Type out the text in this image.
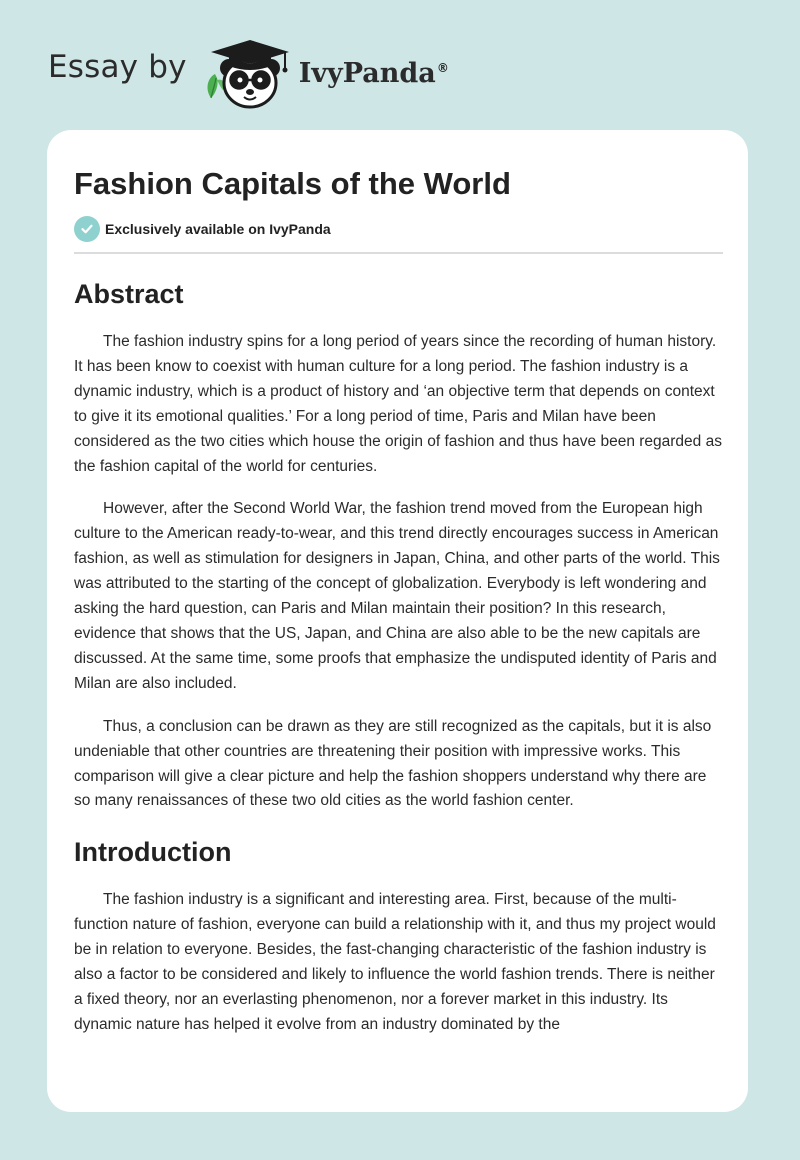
Essay by	IvyPanda®
Fashion Capitals of the World
Exclusively available on IvyPanda
Abstract

The fashion industry spins for a long period of years since the recording of human history. It has been know to coexist with human culture for a long period. The fashion industry is a dynamic industry, which is a product of history and ‘an objective term that depends on context to give it its emotional qualities.’ For a long period of time, Paris and Milan have been considered as the two cities which house the origin of fashion and thus have been regarded as the fashion capital of the world for centuries.

However, after the Second World War, the fashion trend moved from the European high culture to the American ready-to-wear, and this trend directly encourages success in American fashion, as well as stimulation for designers in Japan, China, and other parts of the world. This was attributed to the starting of the concept of globalization. Everybody is left wondering and asking the hard question, can Paris and Milan maintain their position? In this research, evidence that shows that the US, Japan, and China are also able to be the new capitals are discussed. At the same time, some proofs that emphasize the undisputed identity of Paris and Milan are also included.

Thus, a conclusion can be drawn as they are still recognized as the capitals, but it is also undeniable that other countries are threatening their position with impressive works. This comparison will give a clear picture and help the fashion shoppers understand why there are so many renaissances of these two old cities as the world fashion center.

Introduction

The fashion industry is a significant and interesting area. First, because of the multi-function nature of fashion, everyone can build a relationship with it, and thus my project would be in relation to everyone. Besides, the fast-changing characteristic of the fashion industry is also a factor to be considered and likely to influence the world fashion trends. There is neither a fixed theory, nor an everlasting phenomenon, nor a forever market in this industry. Its dynamic nature has helped it evolve from an industry dominated by the
